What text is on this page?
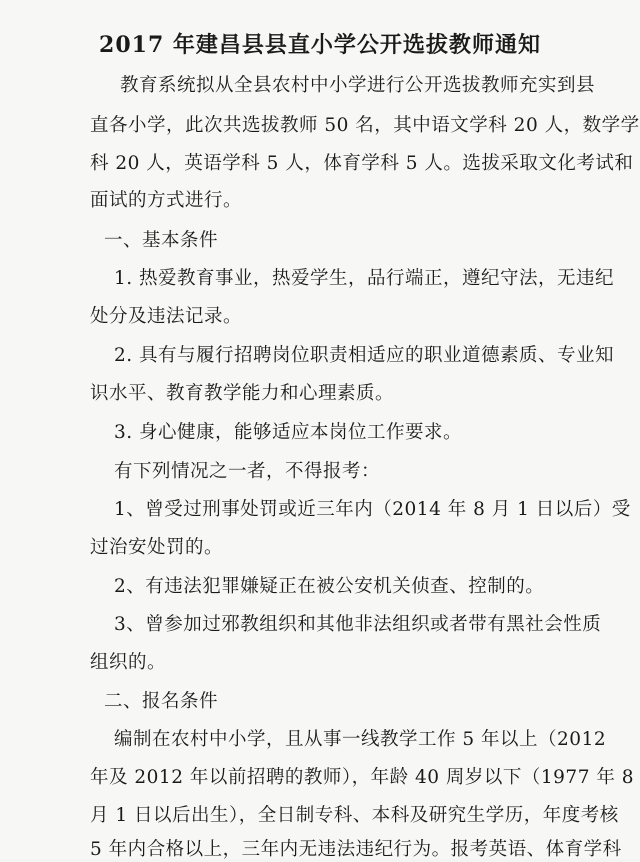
2017 年建昌县县直小学公开选拔教师通知
教育系统拟从全县农村中小学进行公开选拔教师充实到县
直各小学，此次共选拔教师 50 名，其中语文学科 20 人，数学学
科 20 人，英语学科 5 人，体育学科 5 人。选拔采取文化考试和
面试的方式进行。
一、基本条件
1. 热爱教育事业，热爱学生，品行端正，遵纪守法，无违纪
处分及违法记录。
2. 具有与履行招聘岗位职责相适应的职业道德素质、专业知
识水平、教育教学能力和心理素质。
3. 身心健康，能够适应本岗位工作要求。
有下列情况之一者，不得报考：
1、曾受过刑事处罚或近三年内（2014 年 8 月 1 日以后）受
过治安处罚的。
2、有违法犯罪嫌疑正在被公安机关侦查、控制的。
3、曾参加过邪教组织和其他非法组织或者带有黑社会性质
组织的。
二、报名条件
编制在农村中小学，且从事一线教学工作 5 年以上（2012
年及 2012 年以前招聘的教师），年龄 40 周岁以下（1977 年 8
月 1 日以后出生），全日制专科、本科及研究生学历，年度考核
5 年内合格以上，三年内无违法违纪行为。报考英语、体育学科
